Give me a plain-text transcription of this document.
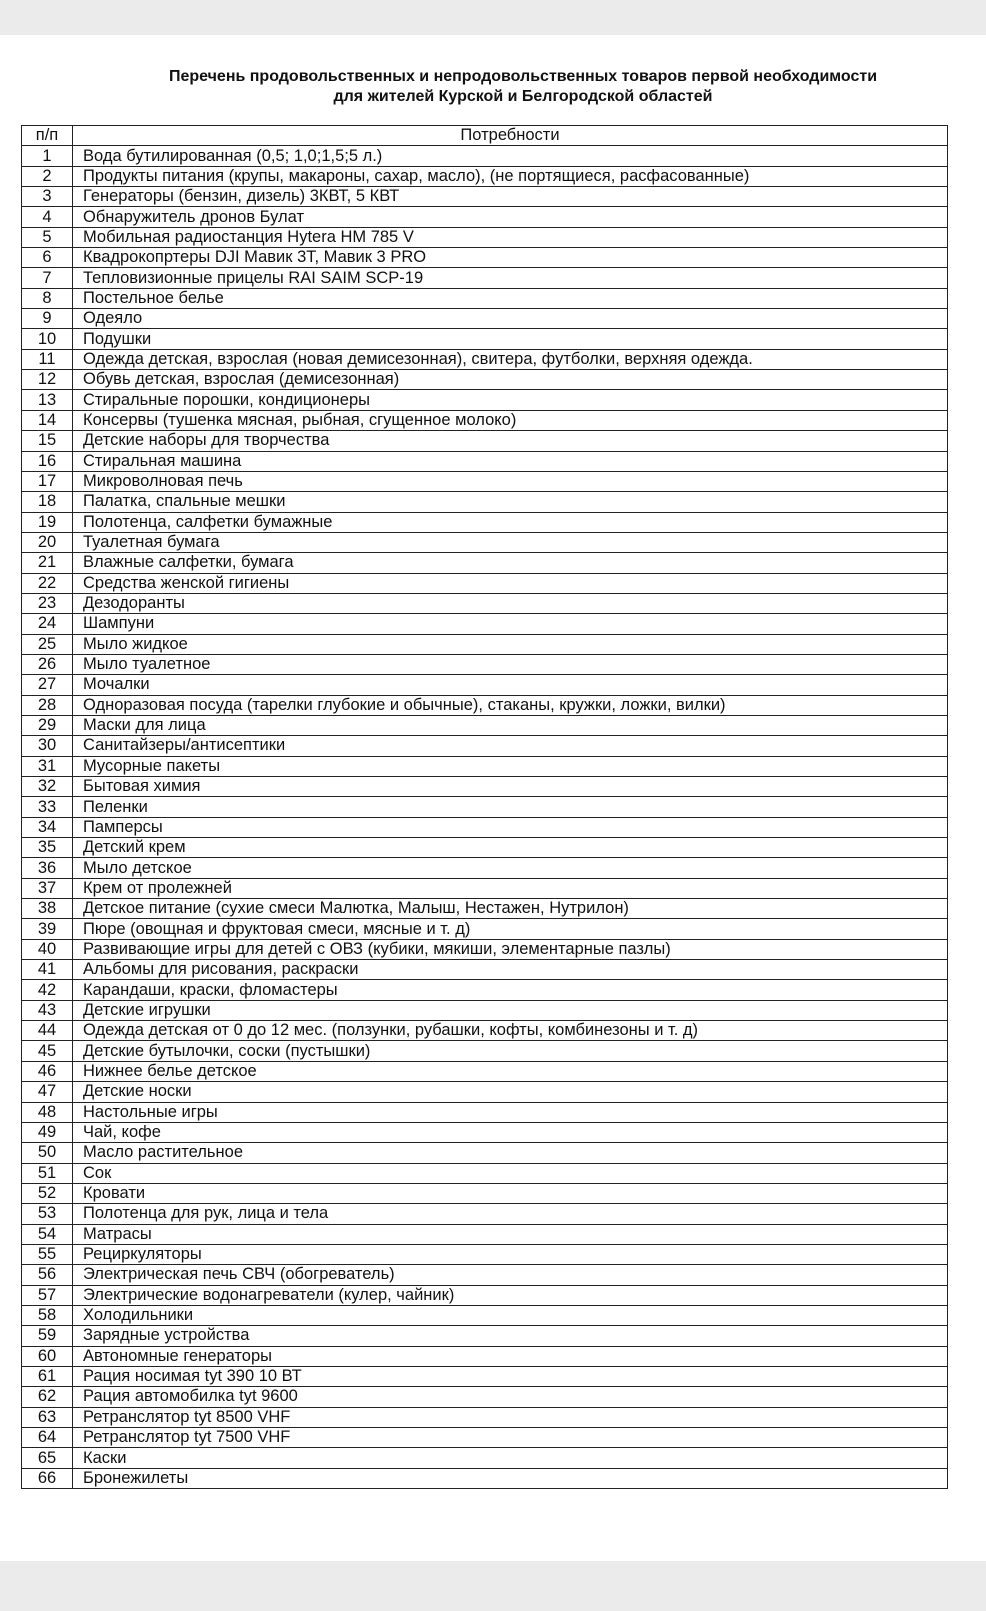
Перечень продовольственных и непродовольственных товаров первой необходимости
для жителей Курской и Белгородской областей
п/п	Потребности
1	Вода бутилированная (0,5; 1,0;1,5;5 л.)
2	Продукты питания (крупы, макароны, сахар, масло), (не портящиеся, расфасованные)
3	Генераторы (бензин, дизель) 3КВТ, 5 КВТ
4	Обнаружитель дронов Булат
5	Мобильная радиостанция Hytera HM 785 V
6	Квадрокопртеры DJI Мавик 3T, Мавик 3 PRO
7	Тепловизионные прицелы RAI SAIM SCP-19
8	Постельное белье
9	Одеяло
10	Подушки
11	Одежда детская, взрослая (новая демисезонная), свитера, футболки, верхняя одежда.
12	Обувь детская, взрослая (демисезонная)
13	Стиральные порошки, кондиционеры
14	Консервы (тушенка мясная, рыбная, сгущенное молоко)
15	Детские наборы для творчества
16	Стиральная машина
17	Микроволновая печь
18	Палатка, спальные мешки
19	Полотенца, салфетки бумажные
20	Туалетная бумага
21	Влажные салфетки, бумага
22	Средства женской гигиены
23	Дезодоранты
24	Шампуни
25	Мыло жидкое
26	Мыло туалетное
27	Мочалки
28	Одноразовая посуда (тарелки глубокие и обычные), стаканы, кружки, ложки, вилки)
29	Маски для лица
30	Санитайзеры/антисептики
31	Мусорные пакеты
32	Бытовая химия
33	Пеленки
34	Памперсы
35	Детский крем
36	Мыло детское
37	Крем от пролежней
38	Детское питание (сухие смеси Малютка, Малыш, Нестажен, Нутрилон)
39	Пюре (овощная и фруктовая смеси, мясные и т. д)
40	Развивающие игры для детей с ОВЗ (кубики, мякиши, элементарные пазлы)
41	Альбомы для рисования, раскраски
42	Карандаши, краски, фломастеры
43	Детские игрушки
44	Одежда детская от 0 до 12 мес. (ползунки, рубашки, кофты, комбинезоны и т. д)
45	Детские бутылочки, соски (пустышки)
46	Нижнее белье детское
47	Детские носки
48	Настольные игры
49	Чай, кофе
50	Масло растительное
51	Сок
52	Кровати
53	Полотенца для рук, лица и тела
54	Матрасы
55	Рециркуляторы
56	Электрическая печь СВЧ (обогреватель)
57	Электрические водонагреватели (кулер, чайник)
58	Холодильники
59	Зарядные устройства
60	Автономные генераторы
61	Рация носимая tyt 390 10 ВТ
62	Рация автомобилка tyt 9600
63	Ретранслятор tyt 8500 VHF
64	Ретранслятор tyt 7500 VHF
65	Каски
66	Бронежилеты
